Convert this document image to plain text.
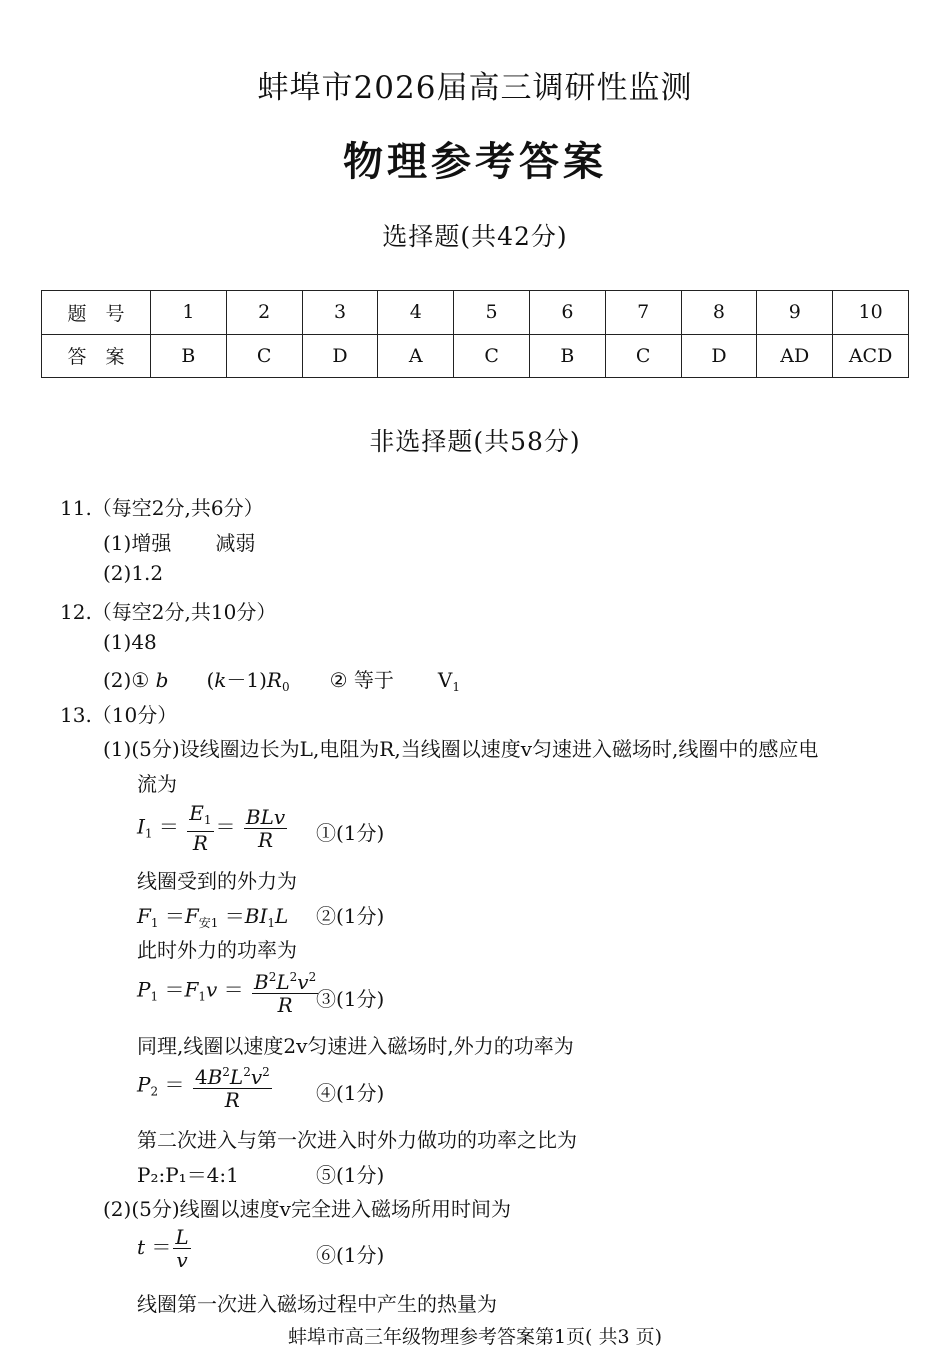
蚌埠市2026届高三调研性监测
物理参考答案
选择题(共42分)
题　号	1	2	3	4	5	6	7	8	9	10
答　案	B	C	D	A	C	B	C	D	AD	ACD
非选择题(共58分)
11.（每空2分,共6分）
(1)增强 减弱
(2)1.2
12.（每空2分,共10分）
(1)48
(2)① b $(k-1)R_0$ ② 等于 $V_1$
13.（10分）
(1)(5分)设线圈边长为L,电阻为R,当线圈以速度v匀速进入磁场时,线圈中的感应电
流为
$I_1 = \frac{E_1}{R} = \frac{\text{BLv}}{R}$ ①(1分)
线圈受到的外力为
$F_1 =F_{安1} =BI_1L$ ②(1分)
此时外力的功率为
$P_1 =F_1v = \frac{B^2L^2v^2}{R}$
③(1分)
同理,线圈以速度2v匀速进入磁场时,外力的功率为
$P_2 = \frac{4B^2L^2v^2}{R}$ ④(1分)
第二次进入与第一次进入时外力做功的功率之比为
P₂:P₁＝4:1	⑤(1分)
(2)(5分)线圈以速度v完全进入磁场所用时间为
$t = \frac{L}{v}$	⑥(1分)
线圈第一次进入磁场过程中产生的热量为
蚌埠市高三年级物理参考答案第1页( 共3 页)
